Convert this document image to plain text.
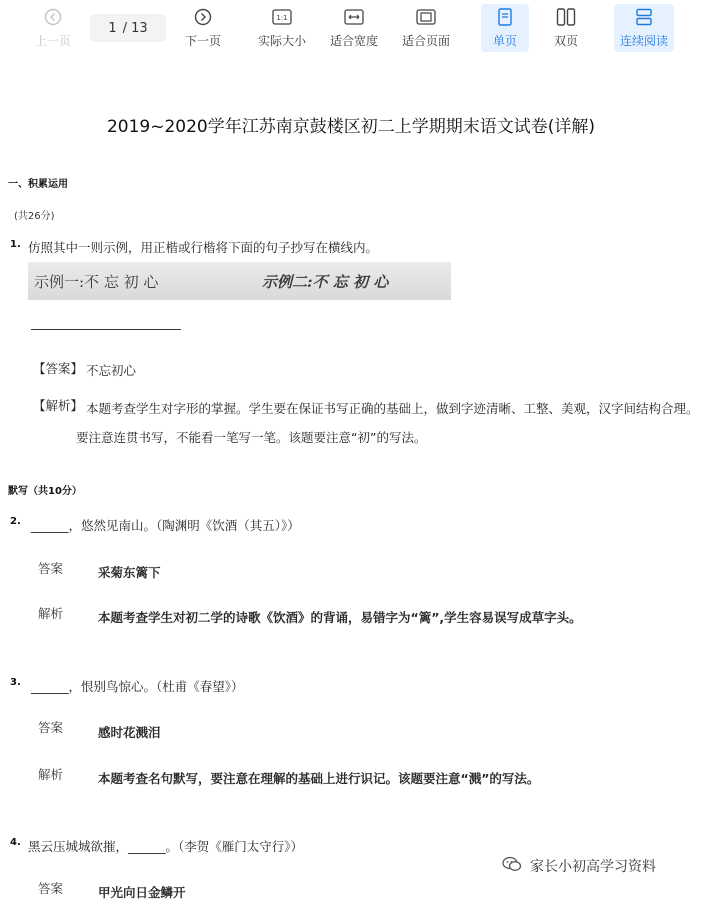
上一页
1 / 13
下一页
1:1
实际大小 适合宽度 适合页面	单页	双页	连续阅读
2019~2020学年江苏南京鼓楼区初二上学期期末语文试卷(详解)
一、积累运用
(共26分)
1. 仿照其中一则示例，用正楷或行楷将下面的句子抄写在横线内。
示例一:不 忘 初 心	示例二:不 忘 初 心
【答案】 不忘初心
【解析】 本题考查学生对字形的掌握。学生要在保证书写正确的基础上，做到字迹清晰、工整、美观，汉字间结构合理。
要注意连贯书写，不能看一笔写一笔。该题要注意“初”的写法。
默写（共10分）
2. ______，悠然见南山。（陶渊明《饮酒（其五）》）
答案	采菊东篱下
解析	本题考查学生对初二学的诗歌《饮酒》的背诵，易错字为“篱”,学生容易误写成草字头。
3. ______，恨别鸟惊心。（杜甫《春望》）
答案	感时花溅泪
解析	本题考查名句默写，要注意在理解的基础上进行识记。该题要注意“溅”的写法。
4. 黑云压城城欲摧，______。（李贺《雁门太守行》）
答案	甲光向日金鳞开
家长小初高学习资料
